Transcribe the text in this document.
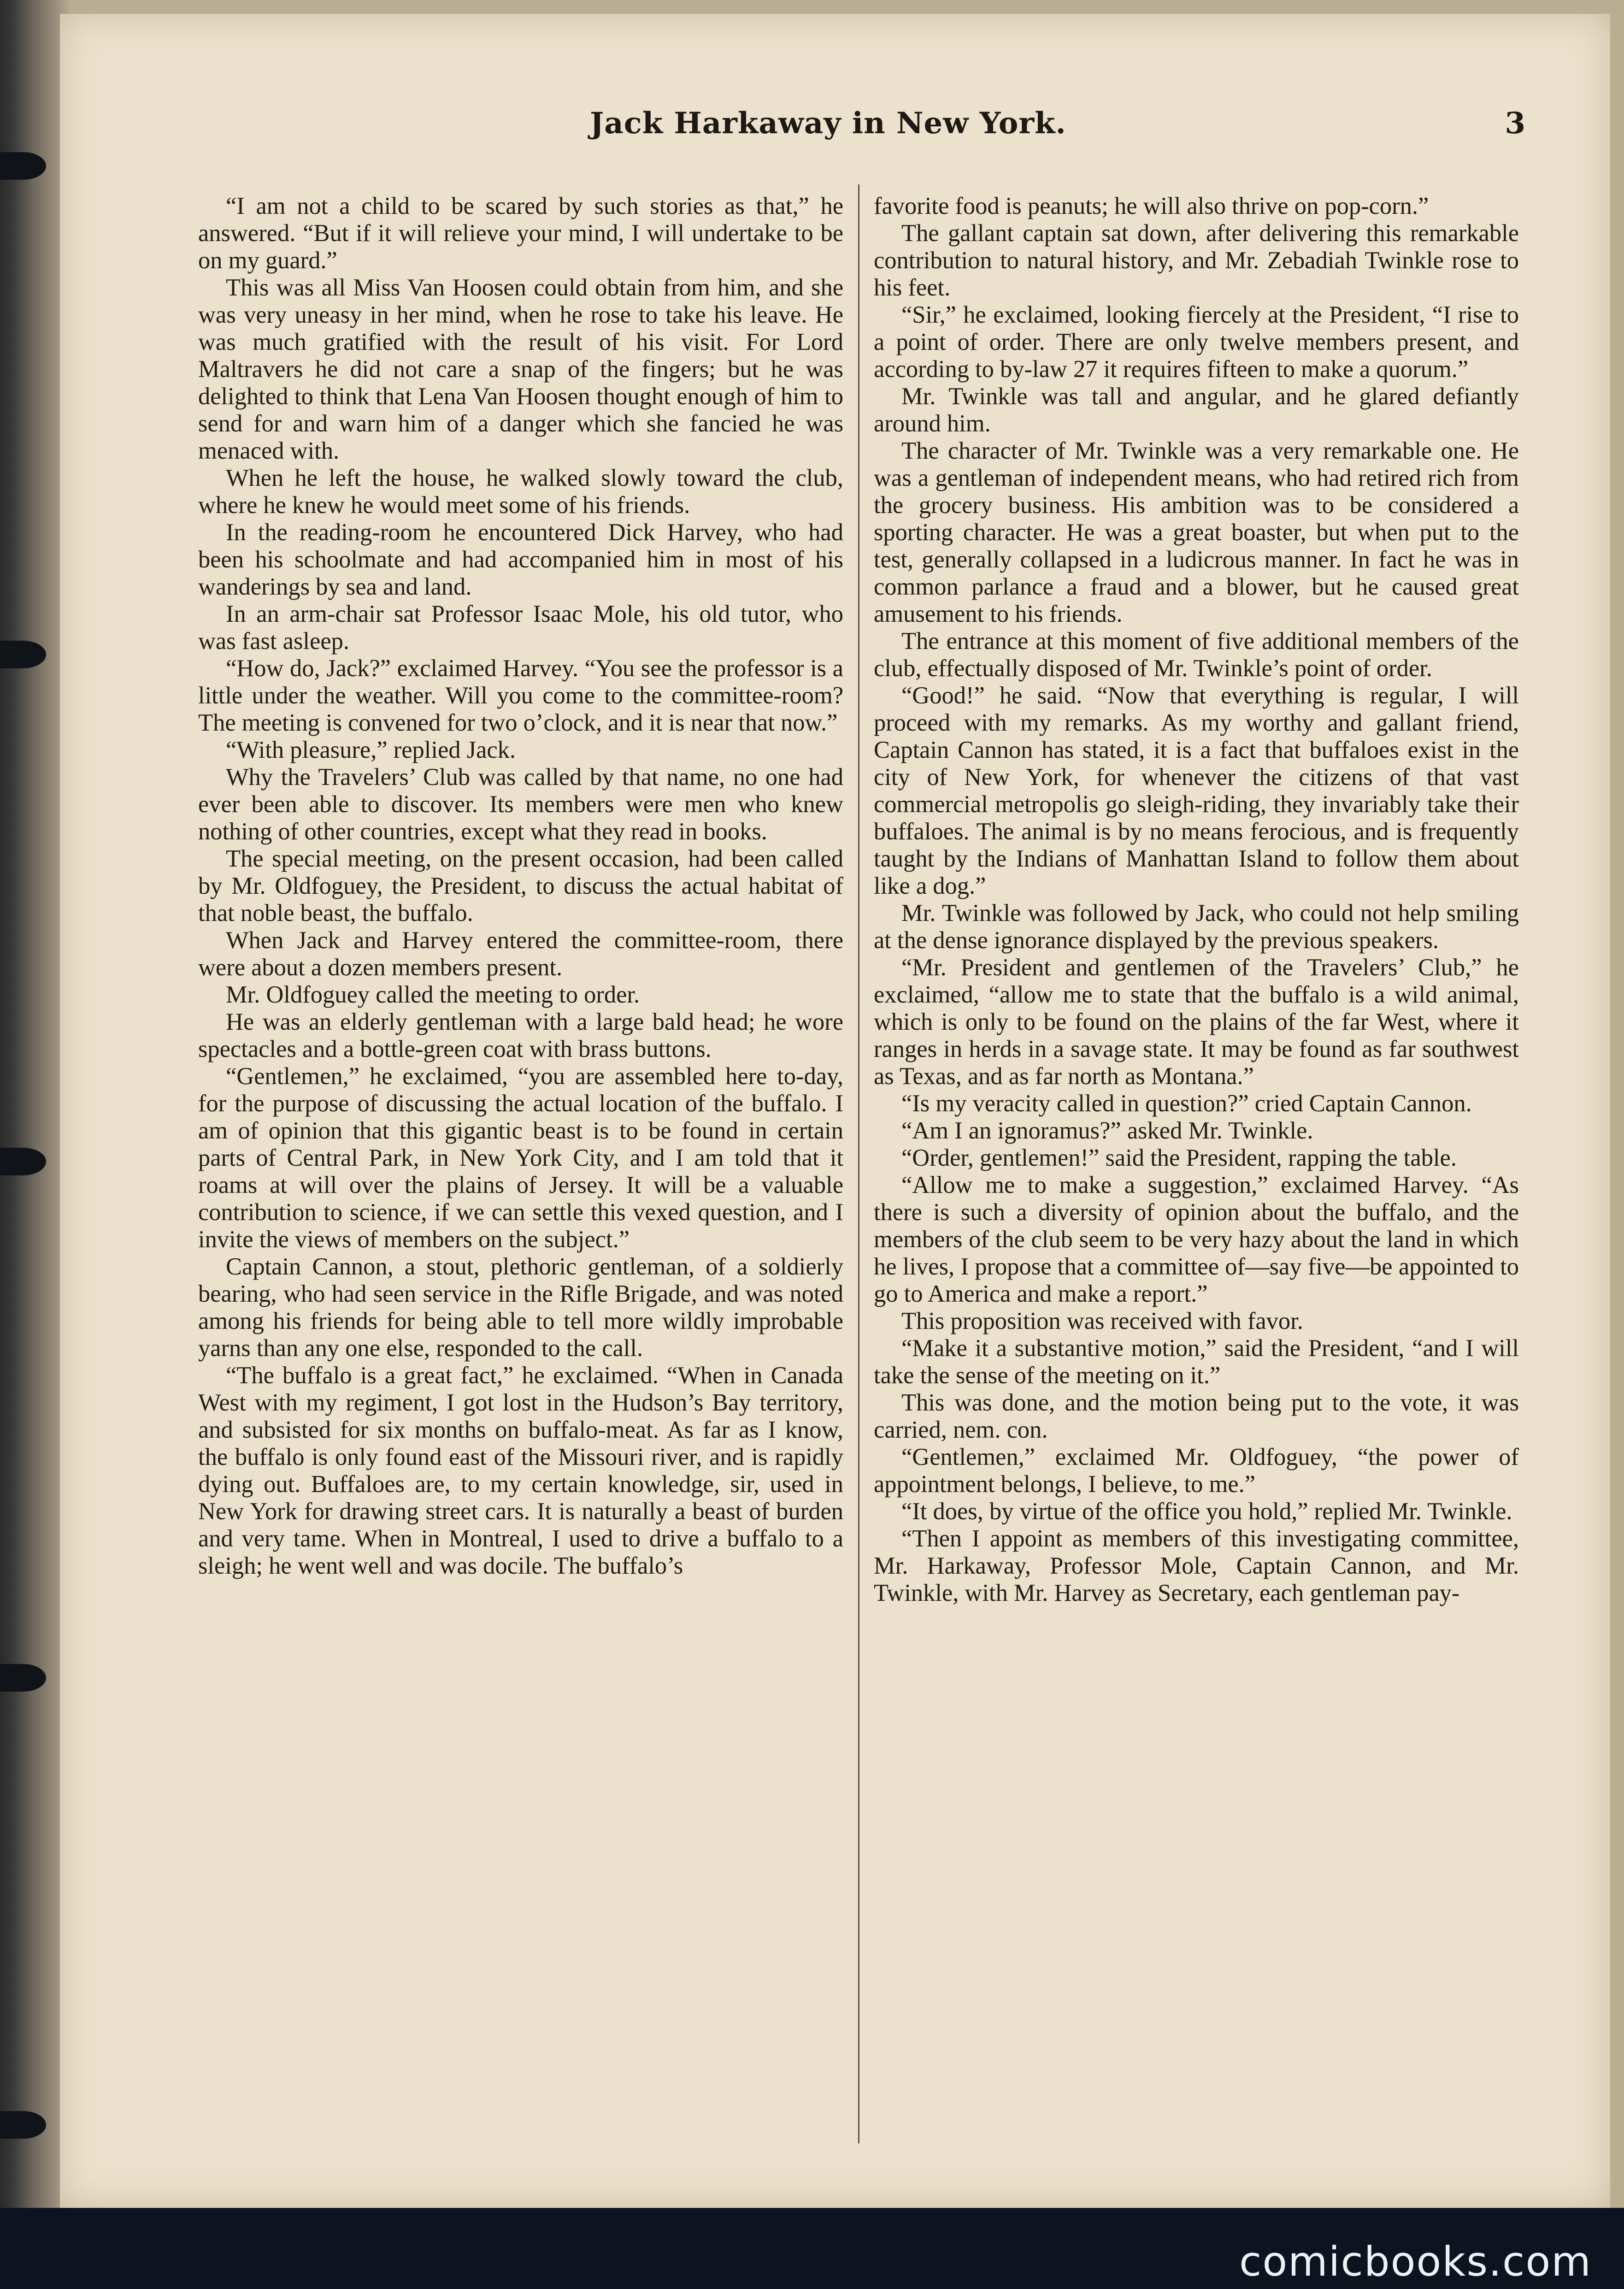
Jack Harkaway in New York.	3

“I am not a child to be scared by such stories as that,” he answered. “But if it will relieve your mind, I will undertake to be on my guard.”

This was all Miss Van Hoosen could obtain from him, and she was very uneasy in her mind, when he rose to take his leave. He was much gratified with the result of his visit. For Lord Maltravers he did not care a snap of the fingers; but he was delighted to think that Lena Van Hoosen thought enough of him to send for and warn him of a danger which she fancied he was menaced with.

When he left the house, he walked slowly toward the club, where he knew he would meet some of his friends.

In the reading-room he encountered Dick Harvey, who had been his schoolmate and had accompanied him in most of his wanderings by sea and land.

In an arm-chair sat Professor Isaac Mole, his old tutor, who was fast asleep.

“How do, Jack?” exclaimed Harvey. “You see the professor is a little under the weather. Will you come to the committee-room? The meeting is convened for two o’clock, and it is near that now.”

“With pleasure,” replied Jack.

Why the Travelers’ Club was called by that name, no one had ever been able to discover. Its members were men who knew nothing of other countries, except what they read in books.

The special meeting, on the present occasion, had been called by Mr. Oldfoguey, the President, to discuss the actual habitat of that noble beast, the buffalo.

When Jack and Harvey entered the committee-room, there were about a dozen members present.

Mr. Oldfoguey called the meeting to order.

He was an elderly gentleman with a large bald head; he wore spectacles and a bottle-green coat with brass buttons.

“Gentlemen,” he exclaimed, “you are assembled here to-day, for the purpose of discussing the actual location of the buffalo. I am of opinion that this gigantic beast is to be found in certain parts of Central Park, in New York City, and I am told that it roams at will over the plains of Jersey. It will be a valuable contribution to science, if we can settle this vexed question, and I invite the views of members on the subject.”

Captain Cannon, a stout, plethoric gentleman, of a soldierly bearing, who had seen service in the Rifle Brigade, and was noted among his friends for being able to tell more wildly improbable yarns than any one else, responded to the call.

“The buffalo is a great fact,” he exclaimed. “When in Canada West with my regiment, I got lost in the Hudson’s Bay territory, and subsisted for six months on buffalo-meat. As far as I know, the buffalo is only found east of the Missouri river, and is rapidly dying out. Buffaloes are, to my certain knowledge, sir, used in New York for drawing street cars. It is naturally a beast of burden and very tame. When in Montreal, I used to drive a buffalo to a sleigh; he went well and was docile. The buffalo’s

favorite food is peanuts; he will also thrive on pop-corn.”

The gallant captain sat down, after delivering this remarkable contribution to natural history, and Mr. Zebadiah Twinkle rose to his feet.

“Sir,” he exclaimed, looking fiercely at the President, “I rise to a point of order. There are only twelve members present, and according to by-law 27 it requires fifteen to make a quorum.”

Mr. Twinkle was tall and angular, and he glared defiantly around him.

The character of Mr. Twinkle was a very remarkable one. He was a gentleman of independent means, who had retired rich from the grocery business. His ambition was to be considered a sporting character. He was a great boaster, but when put to the test, generally collapsed in a ludicrous manner. In fact he was in common parlance a fraud and a blower, but he caused great amusement to his friends.

The entrance at this moment of five additional members of the club, effectually disposed of Mr. Twinkle’s point of order.

“Good!” he said. “Now that everything is regular, I will proceed with my remarks. As my worthy and gallant friend, Captain Cannon has stated, it is a fact that buffaloes exist in the city of New York, for whenever the citizens of that vast commercial metropolis go sleigh-riding, they invariably take their buffaloes. The animal is by no means ferocious, and is frequently taught by the Indians of Manhattan Island to follow them about like a dog.”

Mr. Twinkle was followed by Jack, who could not help smiling at the dense ignorance displayed by the previous speakers.

“Mr. President and gentlemen of the Travelers’ Club,” he exclaimed, “allow me to state that the buffalo is a wild animal, which is only to be found on the plains of the far West, where it ranges in herds in a savage state. It may be found as far southwest as Texas, and as far north as Montana.”

“Is my veracity called in question?” cried Captain Cannon.

“Am I an ignoramus?” asked Mr. Twinkle.

“Order, gentlemen!” said the President, rapping the table.

“Allow me to make a suggestion,” exclaimed Harvey. “As there is such a diversity of opinion about the buffalo, and the members of the club seem to be very hazy about the land in which he lives, I propose that a committee of—say five—be appointed to go to America and make a report.”

This proposition was received with favor.

“Make it a substantive motion,” said the President, “and I will take the sense of the meeting on it.”

This was done, and the motion being put to the vote, it was carried, nem. con.

“Gentlemen,” exclaimed Mr. Oldfoguey, “the power of appointment belongs, I believe, to me.”

“It does, by virtue of the office you hold,” replied Mr. Twinkle.

“Then I appoint as members of this investigating committee, Mr. Harkaway, Professor Mole, Captain Cannon, and Mr. Twinkle, with Mr. Harvey as Secretary, each gentleman pay-

comicbooks.com
